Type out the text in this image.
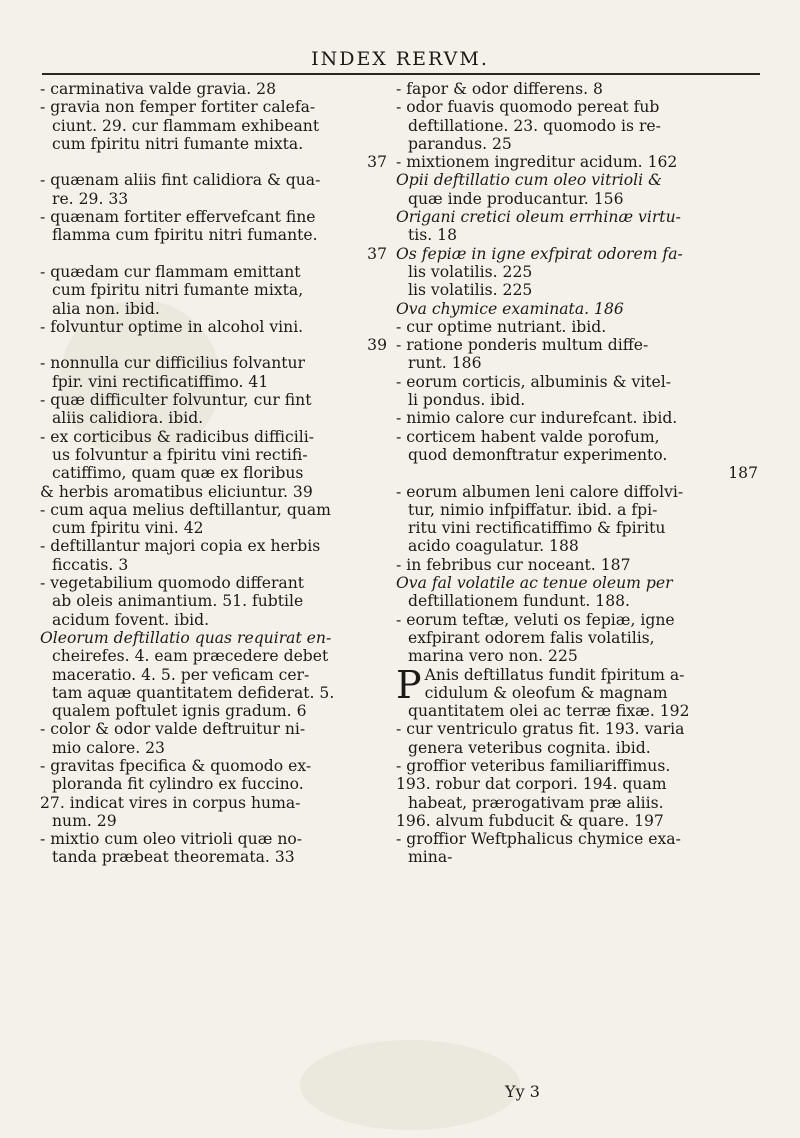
INDEX RERVM.
- carminativa valde gravia. 28
- gravia non femper fortiter calefa-
ciunt. 29. cur flammam exhibeant
cum fpiritu nitri fumante mixta.
37
- quænam aliis fint calidiora & qua-
re. 29. 33
- quænam fortiter effervefcant fine
flamma cum fpiritu nitri fumante.
37
- quædam cur flammam emittant
cum fpiritu nitri fumante mixta,
alia non. ibid.
- folvuntur optime in alcohol vini.
39
- nonnulla cur difficilius folvantur
fpir. vini rectificatiffimo. 41
- quæ difficulter folvuntur, cur fint
aliis calidiora. ibid.
- ex corticibus & radicibus difficili-
us folvuntur a fpiritu vini rectifi-
catiffimo, quam quæ ex floribus
& herbis aromatibus eliciuntur. 39
- cum aqua melius deftillantur, quam
cum fpiritu vini. 42
- deftillantur majori copia ex herbis
ficcatis. 3
- vegetabilium quomodo differant
ab oleis animantium. 51. fubtile
acidum fovent. ibid.
Oleorum deftillatio quas requirat en-
cheirefes. 4. eam præcedere debet
maceratio. 4. 5. per veficam cer-
tam aquæ quantitatem defiderat. 5.
qualem poftulet ignis gradum. 6
- color & odor valde deftruitur ni-
mio calore. 23
- gravitas fpecifica & quomodo ex-
ploranda fit cylindro ex fuccino.
27. indicat vires in corpus huma-
num. 29
- mixtio cum oleo vitrioli quæ no-
tanda præbeat theoremata. 33
- fapor & odor differens. 8
- odor fuavis quomodo pereat fub
deftillatione. 23. quomodo is re-
parandus. 25
- mixtionem ingreditur acidum. 162
Opii deftillatio cum oleo vitrioli &
quæ inde producantur. 156
Origani cretici oleum errhinæ virtu-
tis. 18
Os fepiæ in igne exfpirat odorem fa-
lis volatilis. 225
lis volatilis. 225
Ova chymice examinata. 186
- cur optime nutriant. ibid.
- ratione ponderis multum diffe-
runt. 186
- eorum corticis, albuminis & vitel-
li pondus. ibid.
- nimio calore cur indurefcant. ibid.
- corticem habent valde porofum,
quod demonftratur experimento.
187
- eorum albumen leni calore diffolvi-
tur, nimio infpiffatur. ibid. a fpi-
ritu vini rectificatiffimo & fpiritu
acido coagulatur. 188
- in febribus cur noceant. 187
Ova fal volatile ac tenue oleum per
deftillationem fundunt. 188.
- eorum teftæ, veluti os fepiæ, igne
exfpirant odorem falis volatilis,
marina vero non. 225
P Anis deftillatus fundit fpiritum a-
cidulum & oleofum & magnam
quantitatem olei ac terræ fixæ. 192
- cur ventriculo gratus fit. 193. varia
genera veteribus cognita. ibid.
- groffior veteribus familiariffimus.
193. robur dat corpori. 194. quam
habeat, prærogativam præ aliis.
196. alvum fubducit & quare. 197
- groffior Weftphalicus chymice exa-
mina-
Yy 3
